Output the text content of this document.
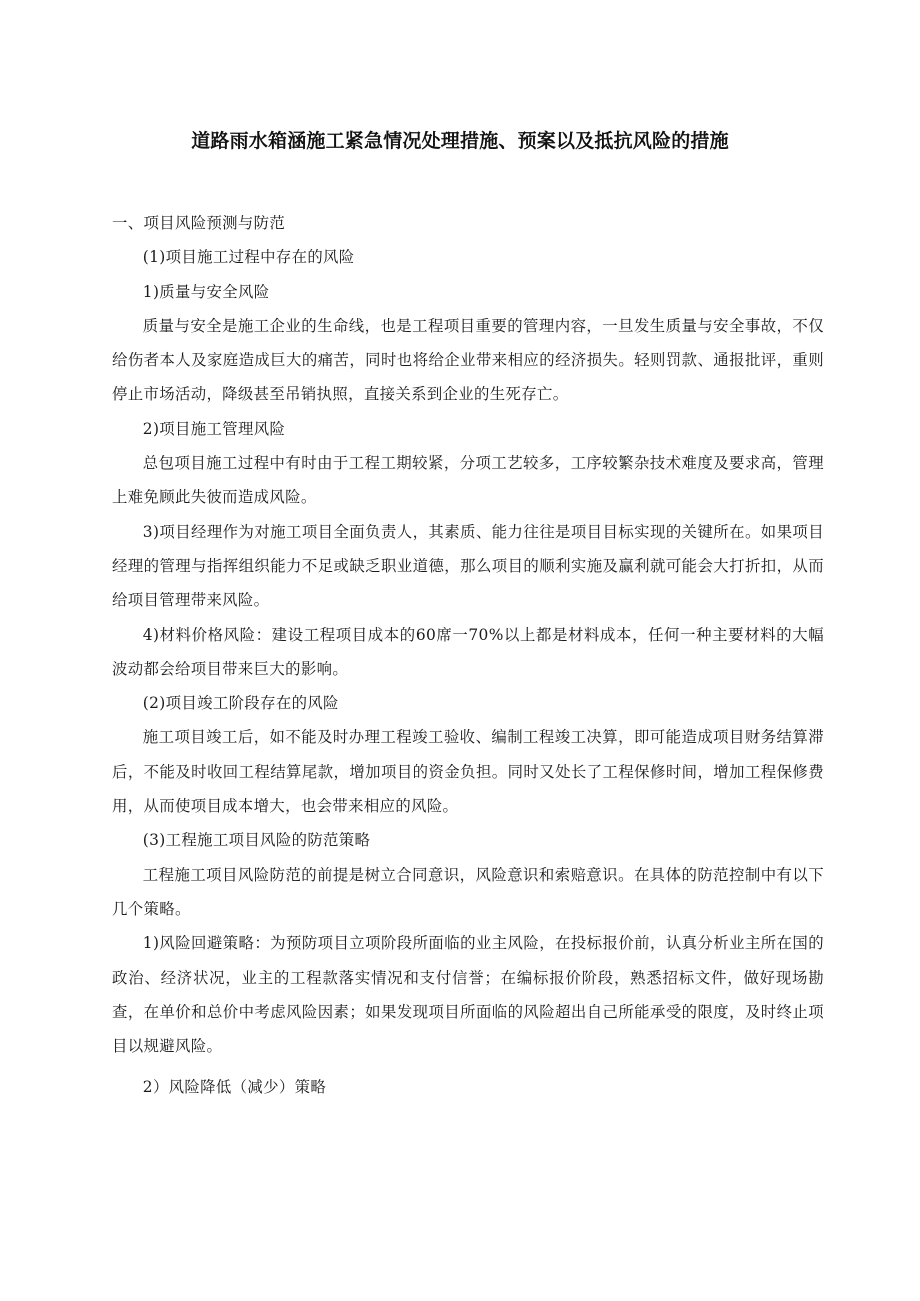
道路雨水箱涵施工紧急情况处理措施、预案以及抵抗风险的措施

一、项目风险预测与防范

(1)项目施工过程中存在的风险

1)质量与安全风险

质量与安全是施工企业的生命线，也是工程项目重要的管理内容，一旦发生质量与安全事故，不仅给伤者本人及家庭造成巨大的痛苦，同时也将给企业带来相应的经济损失。轻则罚款、通报批评，重则停止市场活动，降级甚至吊销执照，直接关系到企业的生死存亡。

2)项目施工管理风险

总包项目施工过程中有时由于工程工期较紧，分项工艺较多，工序较繁杂技术难度及要求高，管理上难免顾此失彼而造成风险。

3)项目经理作为对施工项目全面负责人，其素质、能力往往是项目目标实现的关键所在。如果项目经理的管理与指挥组织能力不足或缺乏职业道德，那么项目的顺利实施及赢利就可能会大打折扣，从而给项目管理带来风险。

4)材料价格风险：建设工程项目成本的60席一70%以上都是材料成本，任何一种主要材料的大幅波动都会给项目带来巨大的影响。

(2)项目竣工阶段存在的风险

施工项目竣工后，如不能及时办理工程竣工验收、编制工程竣工决算，即可能造成项目财务结算滞后，不能及时收回工程结算尾款，增加项目的资金负担。同时又处长了工程保修时间，增加工程保修费用，从而使项目成本增大，也会带来相应的风险。

(3)工程施工项目风险的防范策略

工程施工项目风险防范的前提是树立合同意识，风险意识和索赔意识。在具体的防范控制中有以下几个策略。

1)风险回避策略：为预防项目立项阶段所面临的业主风险，在投标报价前，认真分析业主所在国的政治、经济状况，业主的工程款落实情况和支付信誉；在编标报价阶段，熟悉招标文件，做好现场勘查，在单价和总价中考虑风险因素；如果发现项目所面临的风险超出自己所能承受的限度，及时终止项目以规避风险。

2）风险降低（减少）策略
